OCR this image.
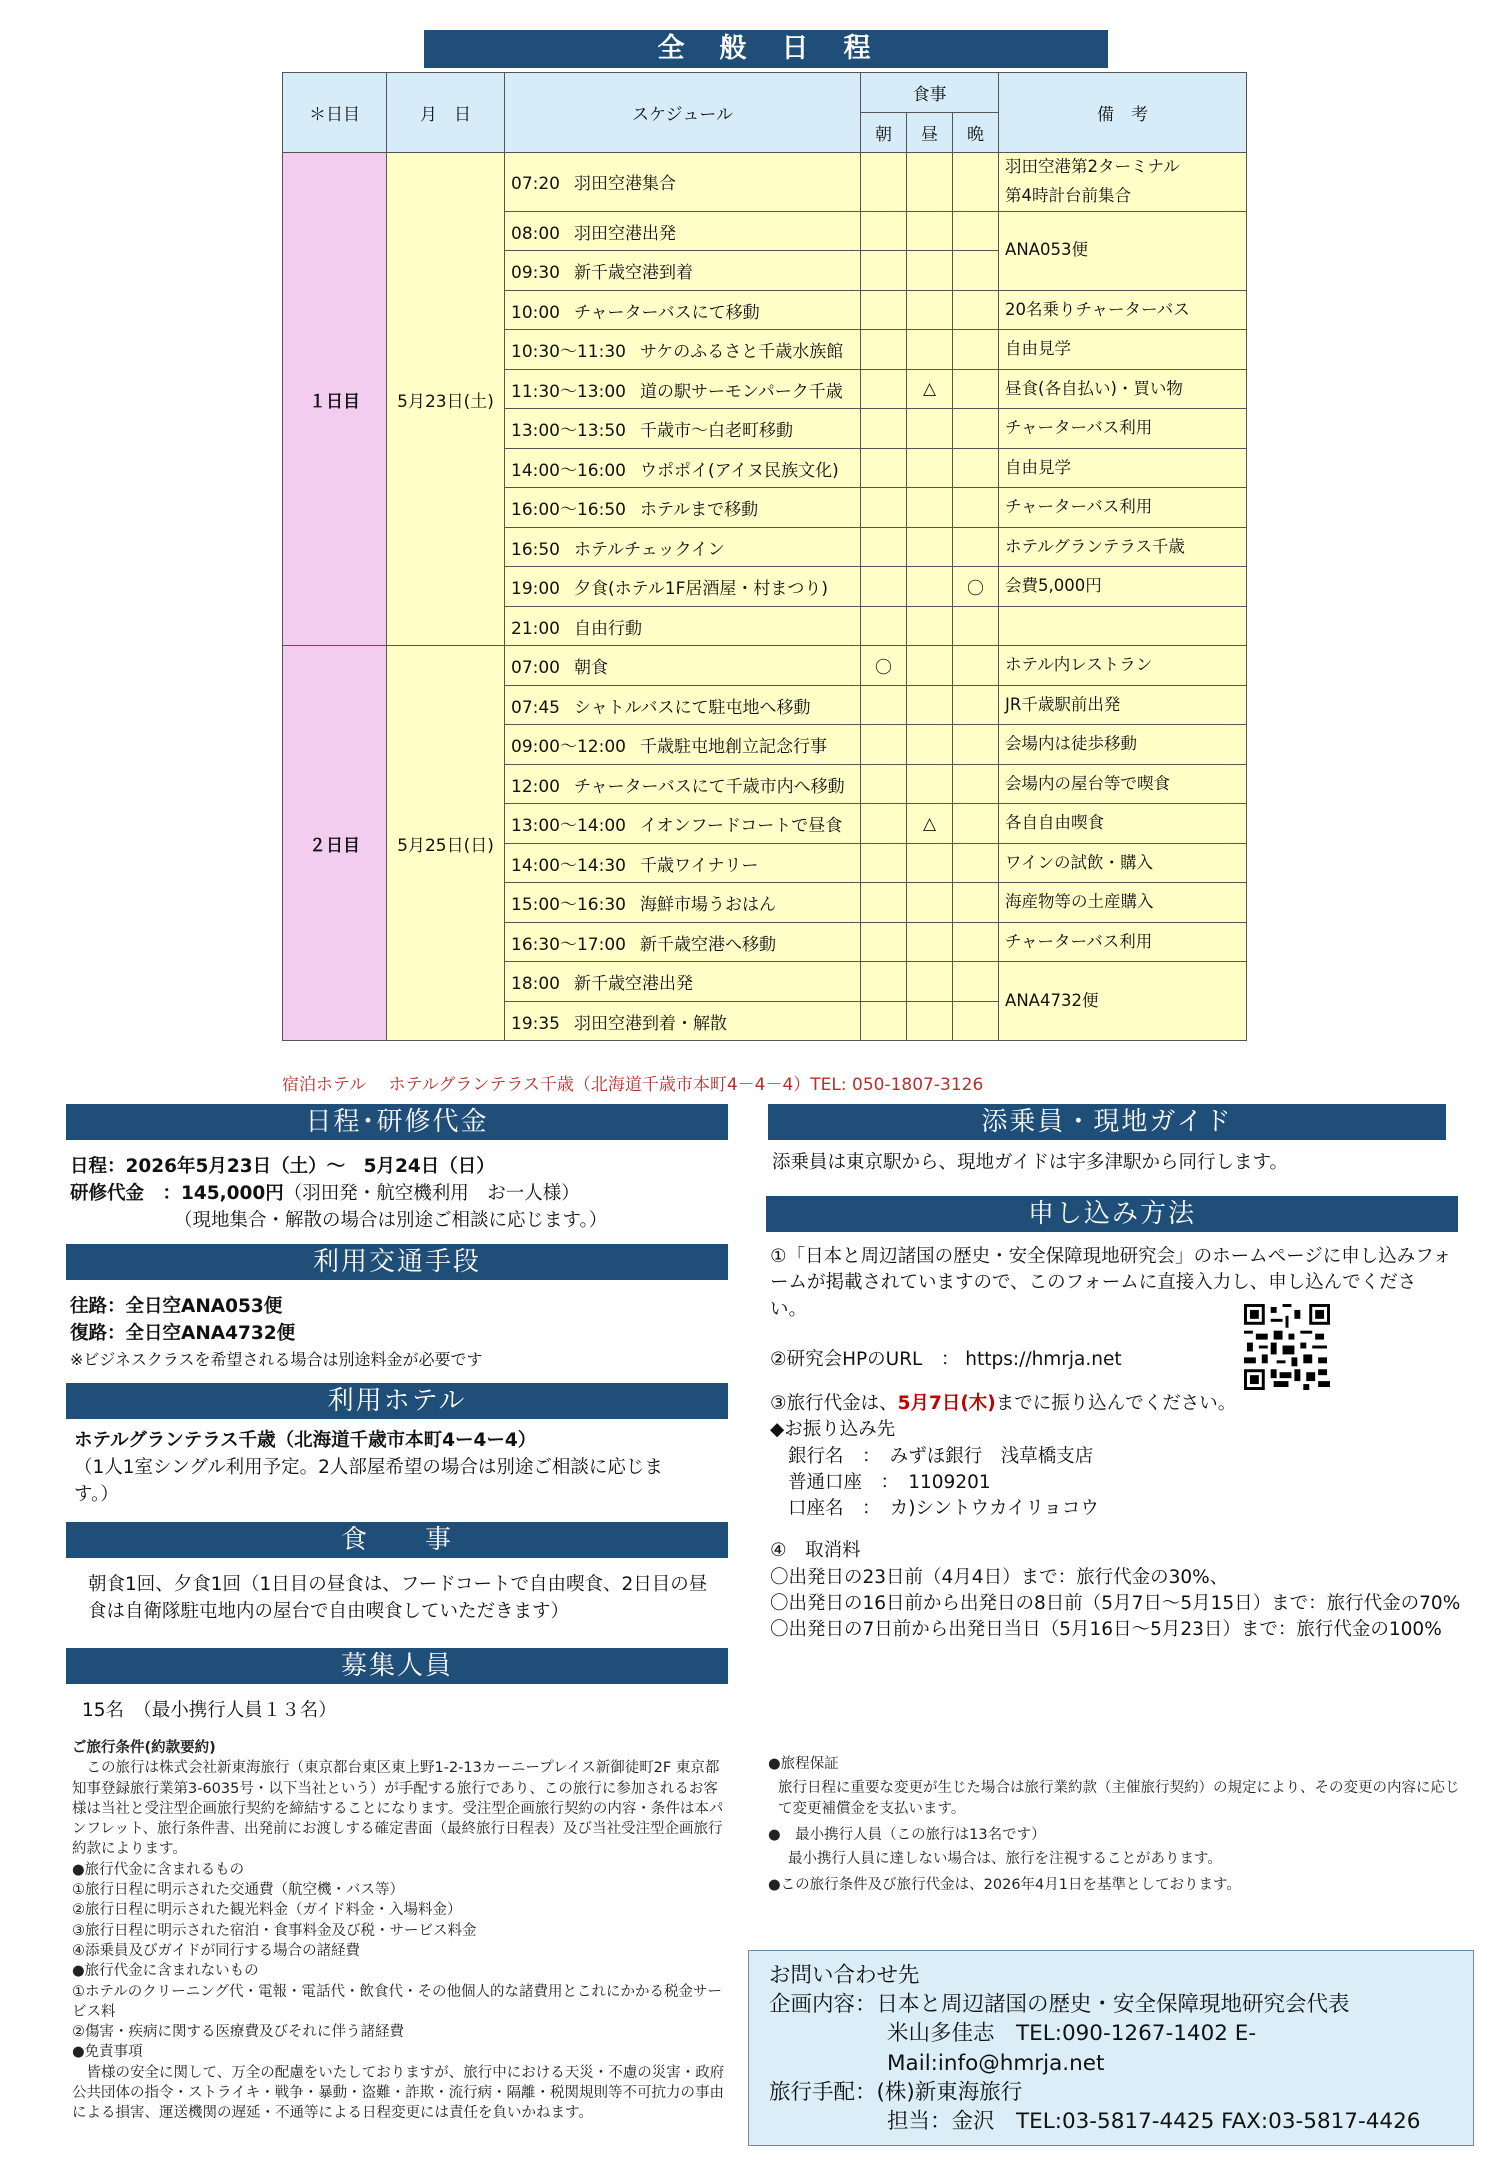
全　般　日　程
＊日目	月　日	スケジュール	食事			備　考
			朝	昼	晩	
１日目	5月23日(土)	07:20 羽田空港集合				羽田空港第2ターミナル
第4時計台前集合
		08:00 羽田空港出発				ANA053便
		09:30 新千歳空港到着				
		10:00 チャーターバスにて移動				20名乗りチャーターバス
		10:30～11:30 サケのふるさと千歳水族館				自由見学
		11:30～13:00 道の駅サーモンパーク千歳		△		昼食(各自払い)・買い物
		13:00～13:50 千歳市～白老町移動				チャーターバス利用
		14:00～16:00 ウポポイ(アイヌ民族文化)				自由見学
		16:00～16:50 ホテルまで移動				チャーターバス利用
		16:50 ホテルチェックイン				ホテルグランテラス千歳
		19:00 夕食(ホテル1F居酒屋・村まつり)			〇	会費5,000円
		21:00 自由行動				
２日目	5月25日(日)	07:00 朝食	〇			ホテル内レストラン
		07:45 シャトルバスにて駐屯地へ移動				JR千歳駅前出発
		09:00～12:00 千歳駐屯地創立記念行事				会場内は徒歩移動
		12:00 チャーターバスにて千歳市内へ移動				会場内の屋台等で喫食
		13:00～14:00 イオンフードコートで昼食		△		各自自由喫食
		14:00～14:30 千歳ワイナリー				ワインの試飲・購入
		15:00～16:30 海鮮市場うおはん				海産物等の土産購入
		16:30～17:00 新千歳空港へ移動				チャーターバス利用
		18:00 新千歳空港出発				ANA4732便
		19:35 羽田空港到着・解散				
宿泊ホテル　 ホテルグランテラス千歳（北海道千歳市本町4－4－4）TEL: 050-1807-3126
日程･研修代金
日程：2026年5月23日（土）～　5月24日（日）
研修代金　 ：145,000円（羽田発・航空機利用　お一人様）
（現地集合・解散の場合は別途ご相談に応じます。）
利用交通手段
往路：全日空ANA053便
復路：全日空ANA4732便
※ビジネスクラスを希望される場合は別途料金が必要です
利用ホテル
ホテルグランテラス千歳（北海道千歳市本町4ー4ー4）
（1人1室シングル利用予定。2人部屋希望の場合は別途ご相談に応じます。）
食　　事
朝食1回、夕食1回（1日目の昼食は、フードコートで自由喫食、2日目の昼食は自衛隊駐屯地内の屋台で自由喫食していただきます）
募集人員
15名　（最小携行人員１３名）
ご旅行条件(約款要約)
この旅行は株式会社新東海旅行（東京都台東区東上野1-2-13カーニープレイス新御徒町2F 東京都知事登録旅行業第3-6035号・以下当社という）が手配する旅行であり、この旅行に参加されるお客様は当社と受注型企画旅行契約を締結することになります。受注型企画旅行契約の内容・条件は本パンフレット、旅行条件書、出発前にお渡しする確定書面（最終旅行日程表）及び当社受注型企画旅行約款によります。
●旅行代金に含まれるもの
①旅行日程に明示された交通費（航空機・バス等）
②旅行日程に明示された観光料金（ガイド料金・入場料金）
③旅行日程に明示された宿泊・食事料金及び税・サービス料金
④添乗員及びガイドが同行する場合の諸経費
●旅行代金に含まれないもの
①ホテルのクリーニング代・電報・電話代・飲食代・その他個人的な諸費用とこれにかかる税金サービス料
②傷害・疾病に関する医療費及びそれに伴う諸経費
●免責事項
皆様の安全に関して、万全の配慮をいたしておりますが、旅行中における天災・不慮の災害・政府公共団体の指令・ストライキ・戦争・暴動・盗難・詐欺・流行病・隔離・税関規則等不可抗力の事由による損害、運送機関の遅延・不通等による日程変更には責任を負いかねます。
添乗員・現地ガイド
添乗員は東京駅から、現地ガイドは宇多津駅から同行します。
申し込み方法
①「日本と周辺諸国の歴史・安全保障現地研究会」のホームページに申し込みフォームが掲載されていますので、このフォームに直接入力し、申し込んでください。
②研究会HPのURL　： https://hmrja.net
③旅行代金は、5月7日(木)までに振り込んでください。
◆お振り込み先
銀行名　：　みずほ銀行　浅草橋支店
普通口座　：　1109201
口座名　：　カ)シントウカイリョコウ
④　取消料
〇出発日の23日前（4月4日）まで：旅行代金の30%、
〇出発日の16日前から出発日の8日前（5月7日～5月15日）まで：旅行代金の70%
〇出発日の7日前から出発日当日（5月16日～5月23日）まで：旅行代金の100%
●旅程保証
旅行日程に重要な変更が生じた場合は旅行業約款（主催旅行契約）の規定により、その変更の内容に応じて変更補償金を支払います。
●　最小携行人員（この旅行は13名です）
最小携行人員に達しない場合は、旅行を注視することがあります。
●この旅行条件及び旅行代金は、2026年4月1日を基準としております。
お問い合わせ先
企画内容：日本と周辺諸国の歴史・安全保障現地研究会代表
米山多佳志　TEL:090-1267-1402 E-Mail:info@hmrja.net
旅行手配：(株)新東海旅行
担当：金沢　TEL:03-5817-4425 FAX:03-5817-4426
